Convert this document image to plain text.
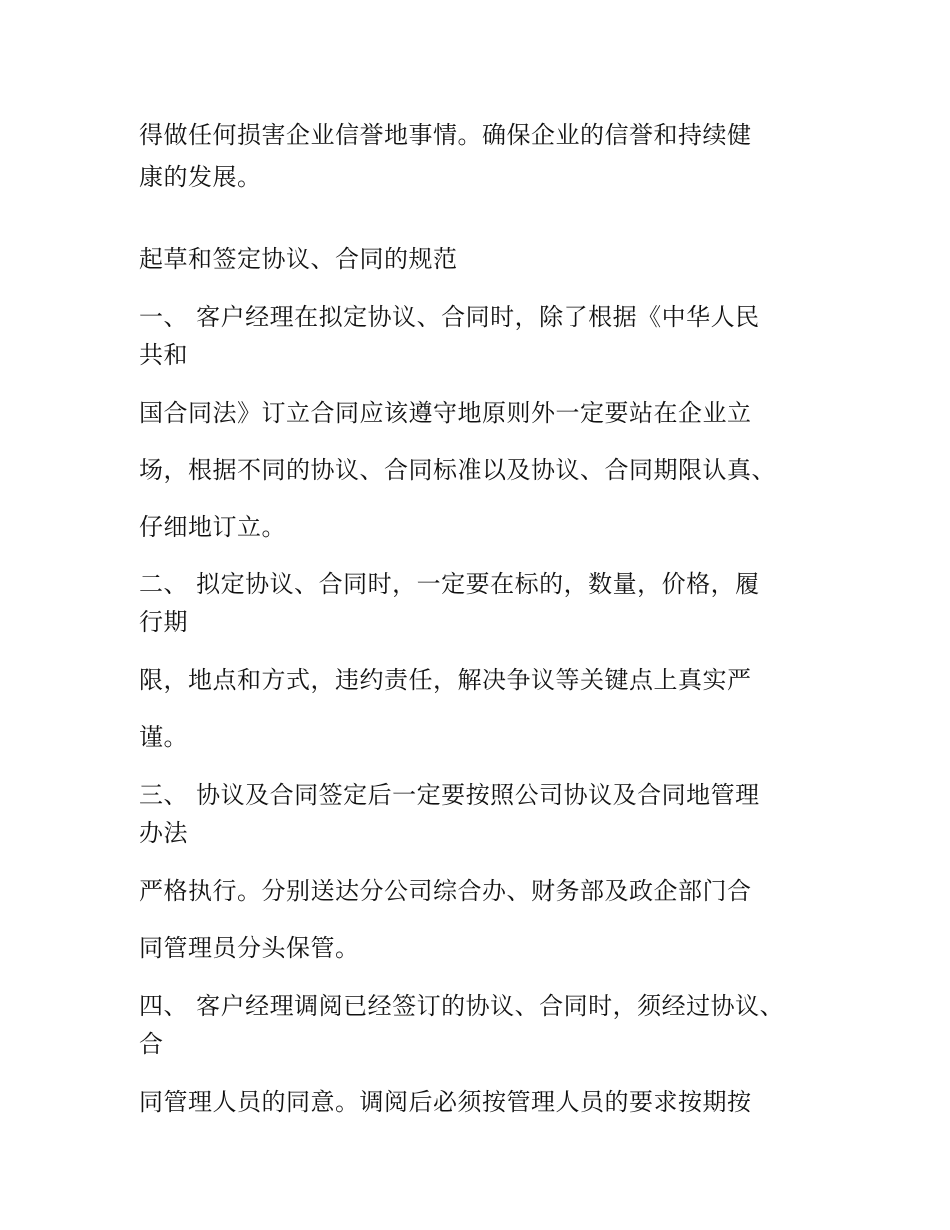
得做任何损害企业信誉地事情。确保企业的信誉和持续健
康的发展。
起草和签定协议、合同的规范
一、 客户经理在拟定协议、合同时，除了根据《中华人民
共和
国合同法》订立合同应该遵守地原则外一定要站在企业立
场，根据不同的协议、合同标准以及协议、合同期限认真、
仔细地订立。
二、 拟定协议、合同时，一定要在标的，数量，价格，履
行期
限，地点和方式，违约责任，解决争议等关键点上真实严
谨。
三、 协议及合同签定后一定要按照公司协议及合同地管理
办法
严格执行。分别送达分公司综合办、财务部及政企部门合
同管理员分头保管。
四、 客户经理调阅已经签订的协议、合同时，须经过协议、
合
同管理人员的同意。调阅后必须按管理人员的要求按期按
